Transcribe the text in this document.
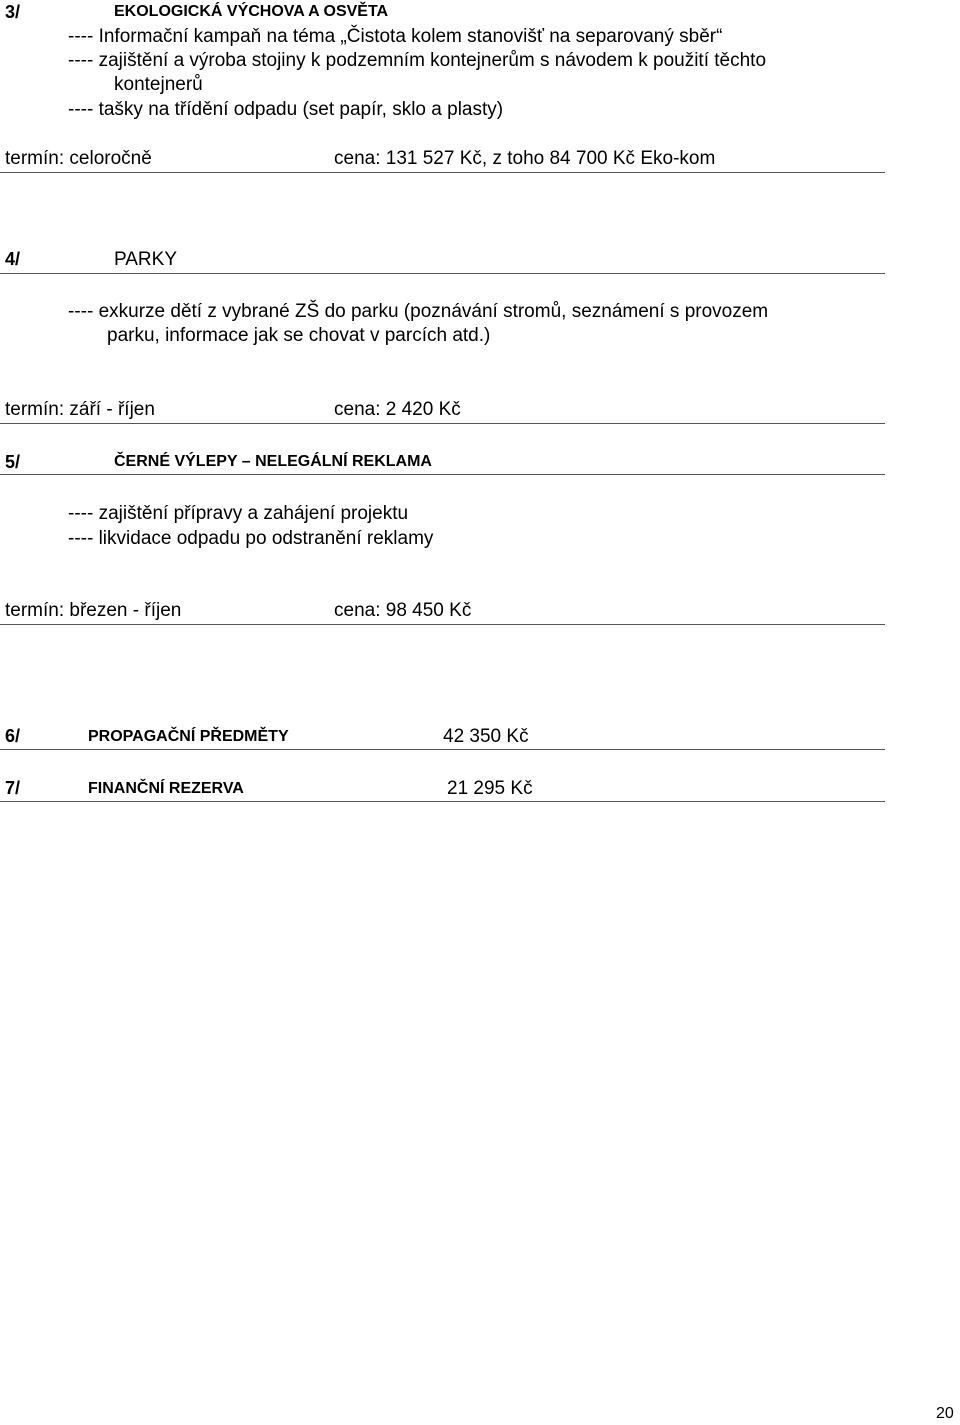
3/	EKOLOGICKÁ VÝCHOVA A OSVĚTA
---- Informační kampaň na téma „Čistota kolem stanovišť na separovaný sběr“
---- zajištění a výroba stojiny k podzemním kontejnerům s návodem k použití těchto
kontejnerů
---- tašky na třídění odpadu (set papír, sklo a plasty)
termín: celoročně	cena: 131 527 Kč, z toho 84 700 Kč Eko-kom
4/	PARKY
---- exkurze dětí z vybrané ZŠ do parku (poznávání stromů, seznámení s provozem
parku, informace jak se chovat v parcích atd.)
termín: září - říjen	cena: 2 420 Kč
5/	ČERNÉ VÝLEPY – NELEGÁLNÍ REKLAMA
---- zajištění přípravy a zahájení projektu
---- likvidace odpadu po odstranění reklamy
termín: březen - říjen	cena: 98 450 Kč
6/	PROPAGAČNÍ PŘEDMĚTY	42 350 Kč
7/	FINANČNÍ REZERVA	21 295 Kč
20
